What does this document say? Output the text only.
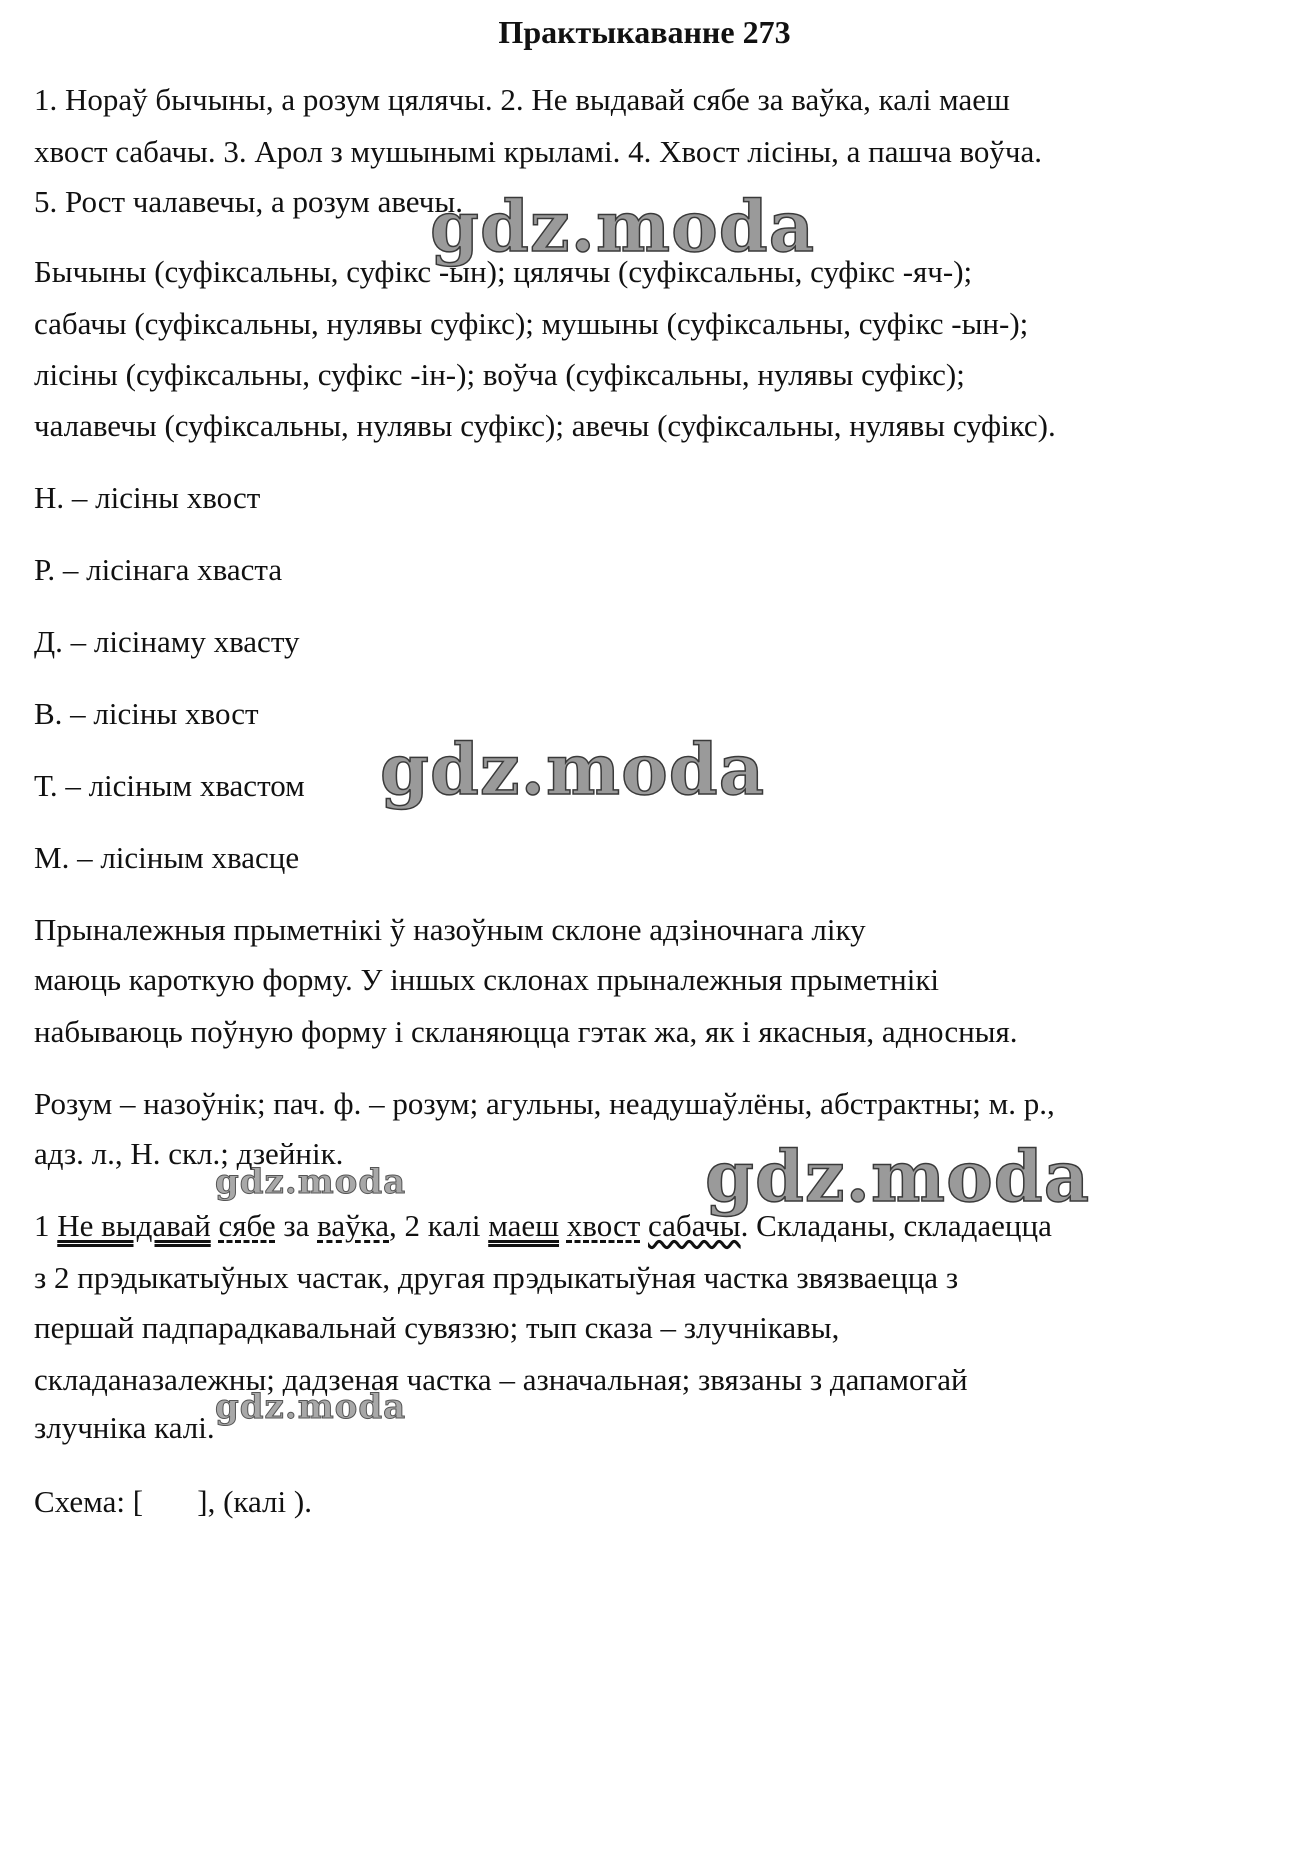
Практыкаванне 273
1. Нораў бычыны, а розум цялячы. 2. Не выдавай сябе за ваўка, калі маеш
хвост сабачы. 3. Арол з мушынымі крыламі. 4. Хвост лісіны, а пашча воўча.
5. Рост чалавечы, а розум авечы.
gdz.moda
Бычыны (суфіксальны, суфікс -ын); цялячы (суфіксальны, суфікс -яч-);
сабачы (суфіксальны, нулявы суфікс); мушыны (суфіксальны, суфікс -ын-);
лісіны (суфіксальны, суфікс -ін-); воўча (суфіксальны, нулявы суфікс);
чалавечы (суфіксальны, нулявы суфікс); авечы (суфіксальны, нулявы суфікс).
Н. – лісіны хвост
Р. – лісінага хваста
Д. – лісінаму хвасту
В. – лісіны хвост
Т. – лісіным хвастом
М. – лісіным хвасце
gdz.moda
Прыналежныя прыметнікі ў назоўным склоне адзіночнага ліку
маюць кароткую форму. У іншых склонах прыналежныя прыметнікі
набываюць поўную форму і скланяюцца гэтак жа, як і якасныя, адносныя.
Розум – назоўнік; пач. ф. – розум; агульны, неадушаўлёны, абстрактны; м. р.,
адз. л., Н. скл.; дзейнік.	gdz.moda
gdz.moda
1 Не выдавай сябе за ваўка, 2 калі маеш хвост сабачы. Складаны, складаецца
з 2 прэдыкатыўных частак, другая прэдыкатыўная частка звязваецца з
першай падпарадкавальнай сувяззю; тып сказа – злучнікавы,
складаназалежны; дадзеная частка – азначальная; звязаны з дапамогай
злучніка калі.
gdz.moda
Схема: [       ], (калі ).
